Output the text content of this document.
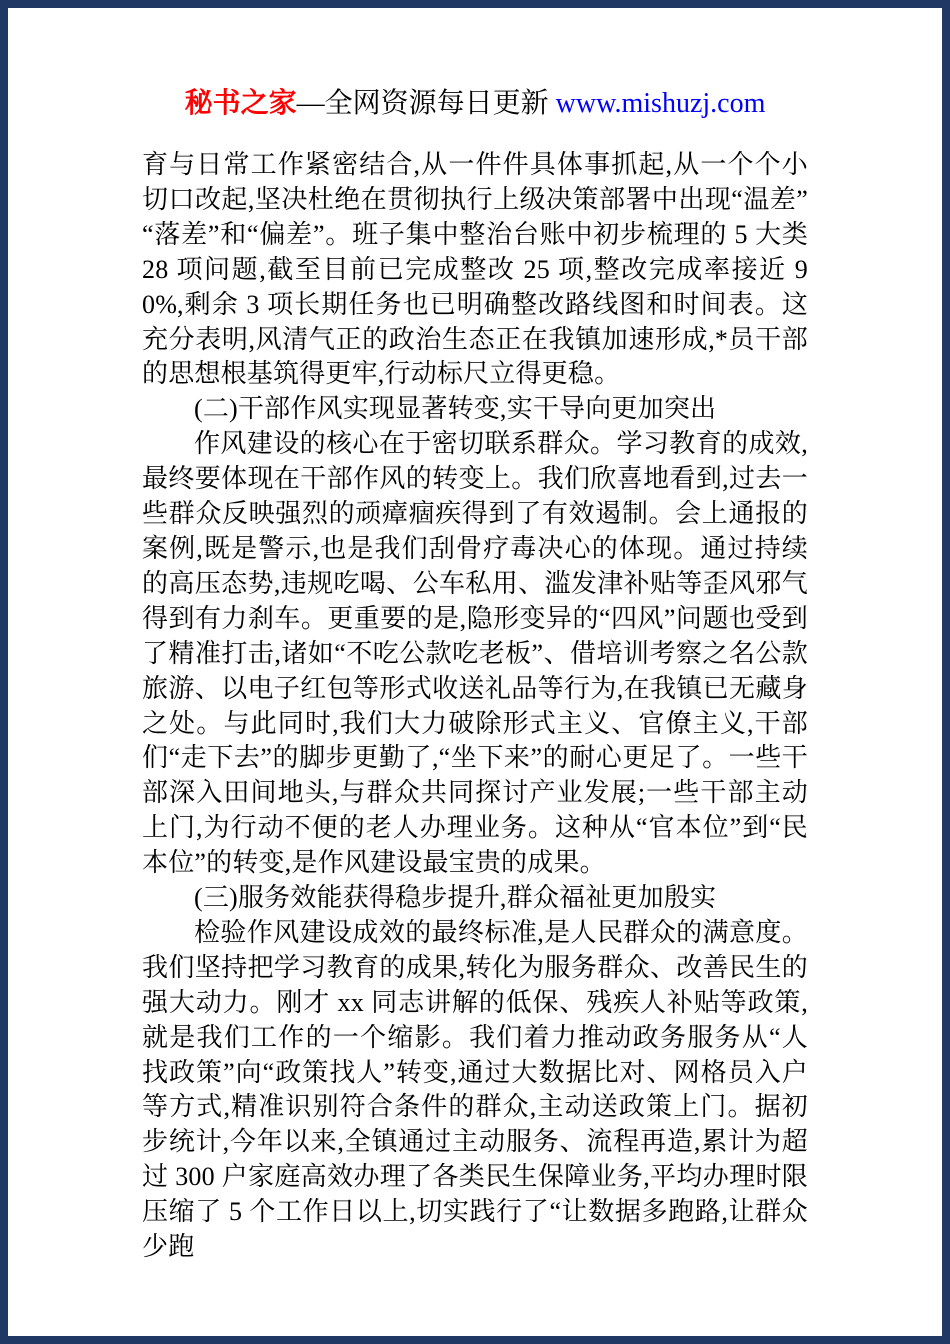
秘书之家—全网资源每日更新 www.mishuzj.com

育与日常工作紧密结合,从一件件具体事抓起,从一个个小切口改起,坚决杜绝在贯彻执行上级决策部署中出现“温差”“落差”和“偏差”。班子集中整治台账中初步梳理的 5 大类 28 项问题,截至目前已完成整改 25 项,整改完成率接近 90%,剩余 3 项长期任务也已明确整改路线图和时间表。这充分表明,风清气正的政治生态正在我镇加速形成,*员干部的思想根基筑得更牢,行动标尺立得更稳。

(二)干部作风实现显著转变,实干导向更加突出

作风建设的核心在于密切联系群众。学习教育的成效,最终要体现在干部作风的转变上。我们欣喜地看到,过去一些群众反映强烈的顽瘴痼疾得到了有效遏制。会上通报的案例,既是警示,也是我们刮骨疗毒决心的体现。通过持续的高压态势,违规吃喝、公车私用、滥发津补贴等歪风邪气得到有力刹车。更重要的是,隐形变异的“四风”问题也受到了精准打击,诸如“不吃公款吃老板”、借培训考察之名公款旅游、以电子红包等形式收送礼品等行为,在我镇已无藏身之处。与此同时,我们大力破除形式主义、官僚主义,干部们“走下去”的脚步更勤了,“坐下来”的耐心更足了。一些干部深入田间地头,与群众共同探讨产业发展;一些干部主动上门,为行动不便的老人办理业务。这种从“官本位”到“民本位”的转变,是作风建设最宝贵的成果。

(三)服务效能获得稳步提升,群众福祉更加殷实

检验作风建设成效的最终标准,是人民群众的满意度。我们坚持把学习教育的成果,转化为服务群众、改善民生的强大动力。刚才 xx 同志讲解的低保、残疾人补贴等政策,就是我们工作的一个缩影。我们着力推动政务服务从“人找政策”向“政策找人”转变,通过大数据比对、网格员入户等方式,精准识别符合条件的群众,主动送政策上门。据初步统计,今年以来,全镇通过主动服务、流程再造,累计为超过 300 户家庭高效办理了各类民生保障业务,平均办理时限压缩了 5 个工作日以上,切实践行了“让数据多跑路,让群众少跑
